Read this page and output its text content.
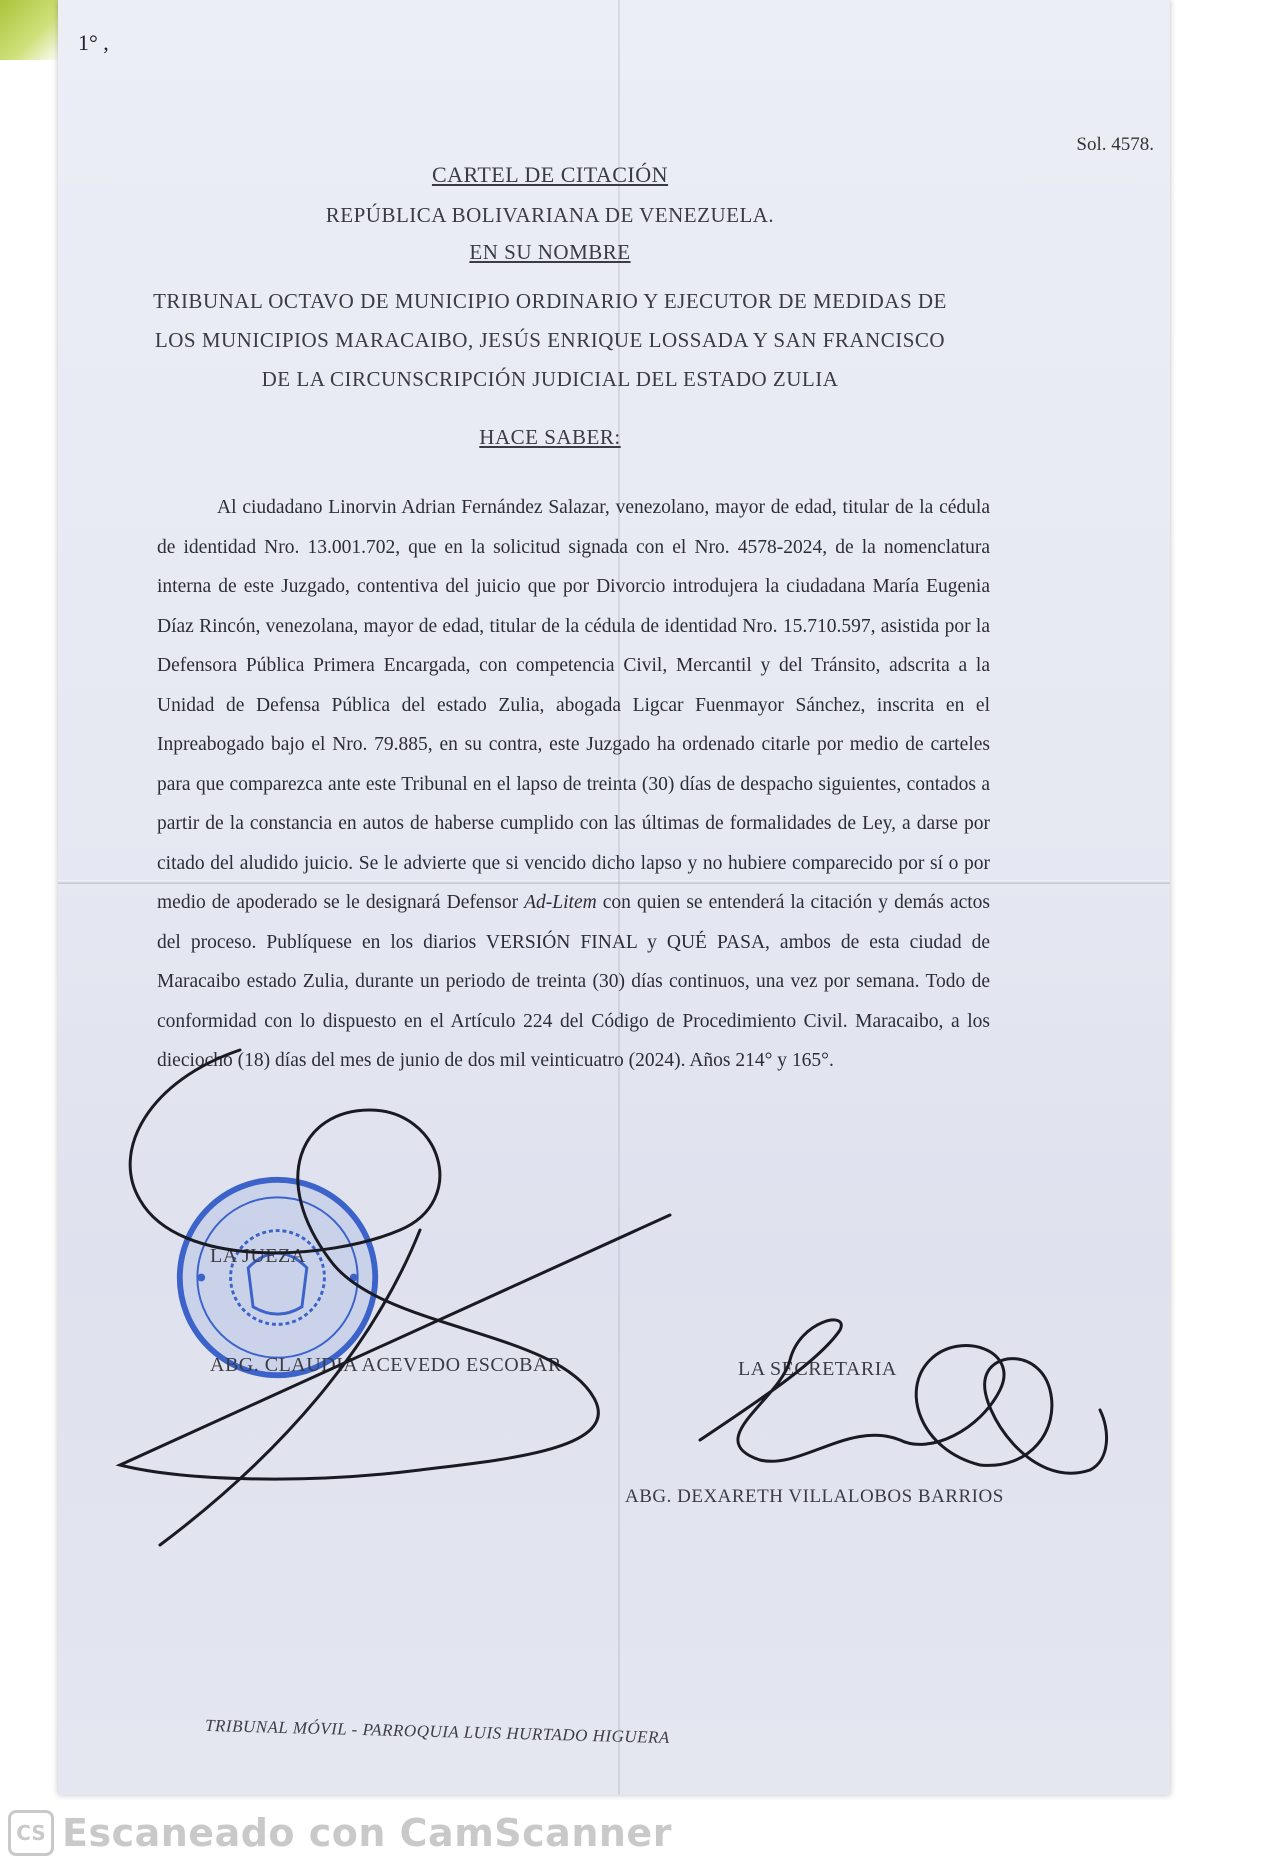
1° ,
Sol. 4578.
CARTEL DE CITACIÓN
REPÚBLICA BOLIVARIANA DE VENEZUELA.
EN SU NOMBRE
TRIBUNAL OCTAVO DE MUNICIPIO ORDINARIO Y EJECUTOR DE MEDIDAS DE LOS MUNICIPIOS MARACAIBO, JESÚS ENRIQUE LOSSADA Y SAN FRANCISCO DE LA CIRCUNSCRIPCIÓN JUDICIAL DEL ESTADO ZULIA
HACE SABER:
Al ciudadano Linorvin Adrian Fernández Salazar, venezolano, mayor de edad, titular de la cédula de identidad Nro. 13.001.702, que en la solicitud signada con el Nro. 4578-2024, de la nomenclatura interna de este Juzgado, contentiva del juicio que por Divorcio introdujera la ciudadana María Eugenia Díaz Rincón, venezolana, mayor de edad, titular de la cédula de identidad Nro. 15.710.597, asistida por la Defensora Pública Primera Encargada, con competencia Civil, Mercantil y del Tránsito, adscrita a la Unidad de Defensa Pública del estado Zulia, abogada Ligcar Fuenmayor Sánchez, inscrita en el Inpreabogado bajo el Nro. 79.885, en su contra, este Juzgado ha ordenado citarle por medio de carteles para que comparezca ante este Tribunal en el lapso de treinta (30) días de despacho siguientes, contados a partir de la constancia en autos de haberse cumplido con las últimas de formalidades de Ley, a darse por citado del aludido juicio. Se le advierte que si vencido dicho lapso y no hubiere comparecido por sí o por medio de apoderado se le designará Defensor Ad-Litem con quien se entenderá la citación y demás actos del proceso. Publíquese en los diarios VERSIÓN FINAL y QUÉ PASA, ambos de esta ciudad de Maracaibo estado Zulia, durante un periodo de treinta (30) días continuos, una vez por semana. Todo de conformidad con lo dispuesto en el Artículo 224 del Código de Procedimiento Civil. Maracaibo, a los dieciocho (18) días del mes de junio de dos mil veinticuatro (2024). Años 214° y 165°.
LA JUEZA
ABG. CLAUDIA ACEVEDO ESCOBAR	LA SECRETARIA
ABG. DEXARETH VILLALOBOS BARRIOS
TRIBUNAL MÓVIL - PARROQUIA LUIS HURTADO HIGUERA
CS Escaneado con CamScanner
